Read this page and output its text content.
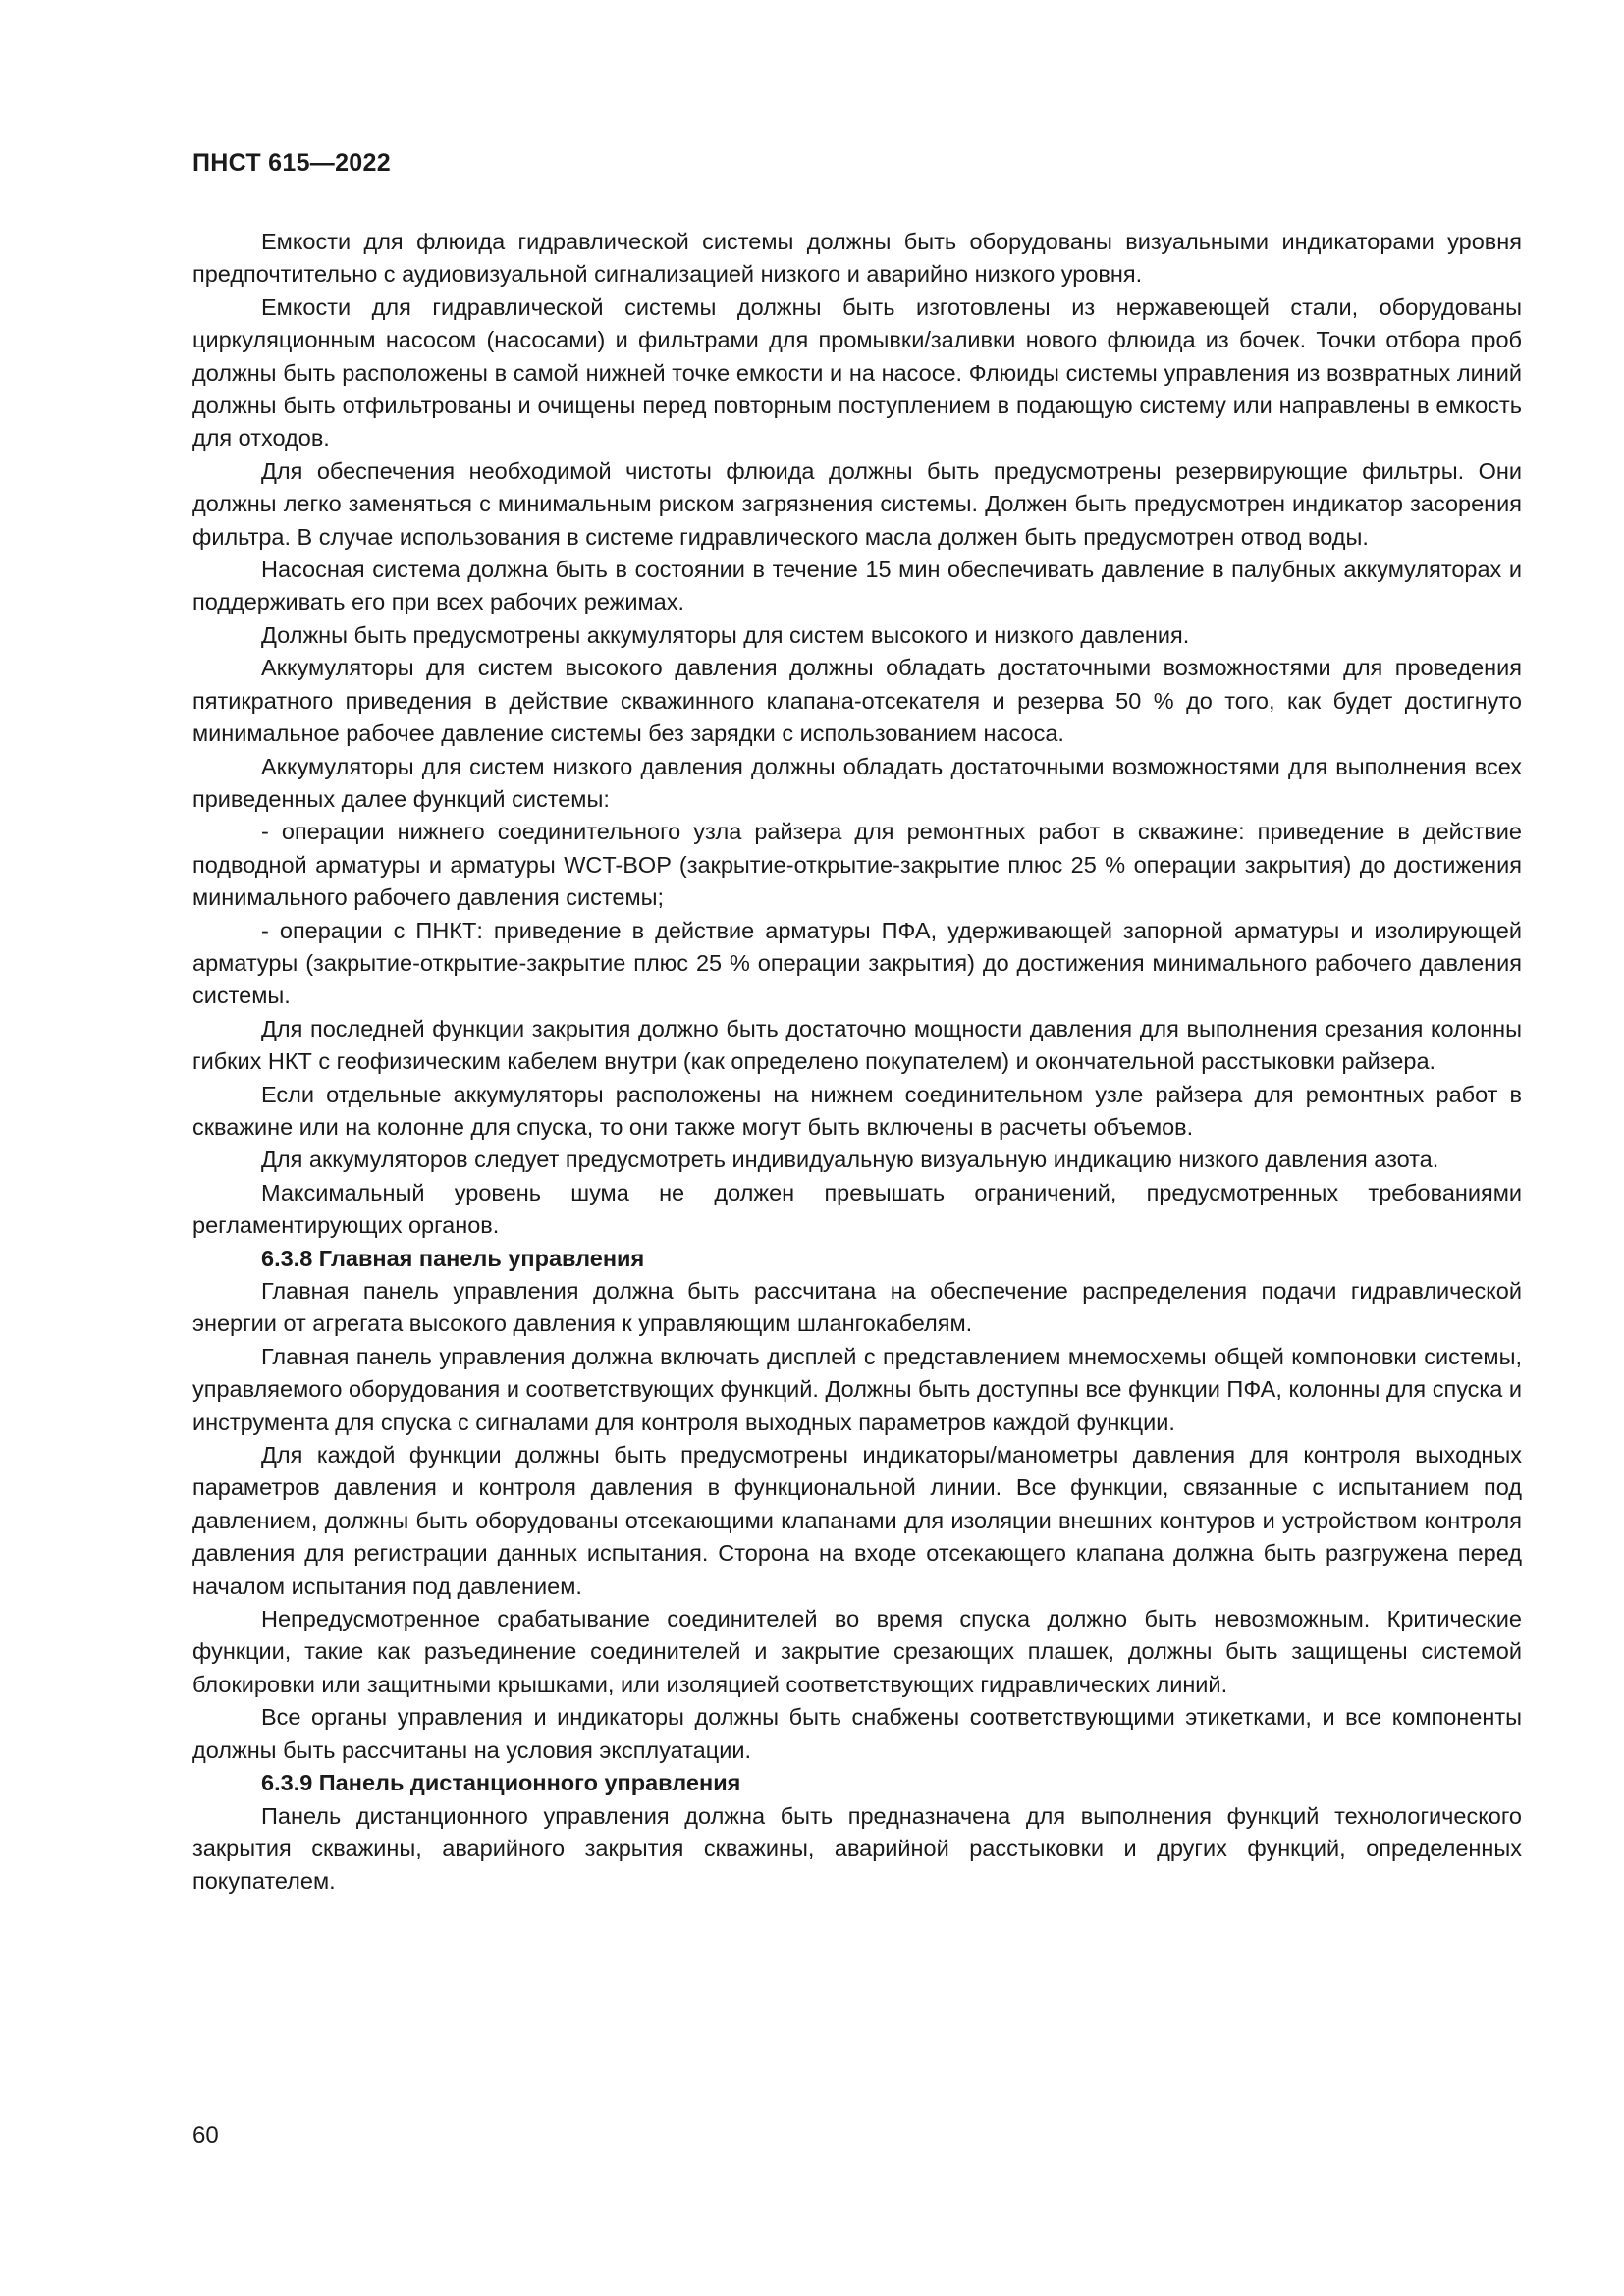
ПНСТ 615—2022

Емкости для флюида гидравлической системы должны быть оборудованы визуальными индикаторами уровня предпочтительно с аудиовизуальной сигнализацией низкого и аварийно низкого уровня.

Емкости для гидравлической системы должны быть изготовлены из нержавеющей стали, оборудованы циркуляционным насосом (насосами) и фильтрами для промывки/заливки нового флюида из бочек. Точки отбора проб должны быть расположены в самой нижней точке емкости и на насосе. Флюиды системы управления из возвратных линий должны быть отфильтрованы и очищены перед повторным поступлением в подающую систему или направлены в емкость для отходов.

Для обеспечения необходимой чистоты флюида должны быть предусмотрены резервирующие фильтры. Они должны легко заменяться с минимальным риском загрязнения системы. Должен быть предусмотрен индикатор засорения фильтра. В случае использования в системе гидравлического масла должен быть предусмотрен отвод воды.

Насосная система должна быть в состоянии в течение 15 мин обеспечивать давление в палубных аккумуляторах и поддерживать его при всех рабочих режимах.

Должны быть предусмотрены аккумуляторы для систем высокого и низкого давления.

Аккумуляторы для систем высокого давления должны обладать достаточными возможностями для проведения пятикратного приведения в действие скважинного клапана-отсекателя и резерва 50 % до того, как будет достигнуто минимальное рабочее давление системы без зарядки с использованием насоса.

Аккумуляторы для систем низкого давления должны обладать достаточными возможностями для выполнения всех приведенных далее функций системы:

- операции нижнего соединительного узла райзера для ремонтных работ в скважине: приведение в действие подводной арматуры и арматуры WCT-BOP (закрытие-открытие-закрытие плюс 25 % операции закрытия) до достижения минимального рабочего давления системы;

- операции с ПНКТ: приведение в действие арматуры ПФА, удерживающей запорной арматуры и изолирующей арматуры (закрытие-открытие-закрытие плюс 25 % операции закрытия) до достижения минимального рабочего давления системы.

Для последней функции закрытия должно быть достаточно мощности давления для выполнения срезания колонны гибких НКТ с геофизическим кабелем внутри (как определено покупателем) и окончательной расстыковки райзера.

Если отдельные аккумуляторы расположены на нижнем соединительном узле райзера для ремонтных работ в скважине или на колонне для спуска, то они также могут быть включены в расчеты объемов.

Для аккумуляторов следует предусмотреть индивидуальную визуальную индикацию низкого давления азота.

Максимальный уровень шума не должен превышать ограничений, предусмотренных требованиями регламентирующих органов.

6.3.8 Главная панель управления

Главная панель управления должна быть рассчитана на обеспечение распределения подачи гидравлической энергии от агрегата высокого давления к управляющим шлангокабелям.

Главная панель управления должна включать дисплей с представлением мнемосхемы общей компоновки системы, управляемого оборудования и соответствующих функций. Должны быть доступны все функции ПФА, колонны для спуска и инструмента для спуска с сигналами для контроля выходных параметров каждой функции.

Для каждой функции должны быть предусмотрены индикаторы/манометры давления для контроля выходных параметров давления и контроля давления в функциональной линии. Все функции, связанные с испытанием под давлением, должны быть оборудованы отсекающими клапанами для изоляции внешних контуров и устройством контроля давления для регистрации данных испытания. Сторона на входе отсекающего клапана должна быть разгружена перед началом испытания под давлением.

Непредусмотренное срабатывание соединителей во время спуска должно быть невозможным. Критические функции, такие как разъединение соединителей и закрытие срезающих плашек, должны быть защищены системой блокировки или защитными крышками, или изоляцией соответствующих гидравлических линий.

Все органы управления и индикаторы должны быть снабжены соответствующими этикетками, и все компоненты должны быть рассчитаны на условия эксплуатации.

6.3.9 Панель дистанционного управления

Панель дистанционного управления должна быть предназначена для выполнения функций технологического закрытия скважины, аварийного закрытия скважины, аварийной расстыковки и других функций, определенных покупателем.

60
